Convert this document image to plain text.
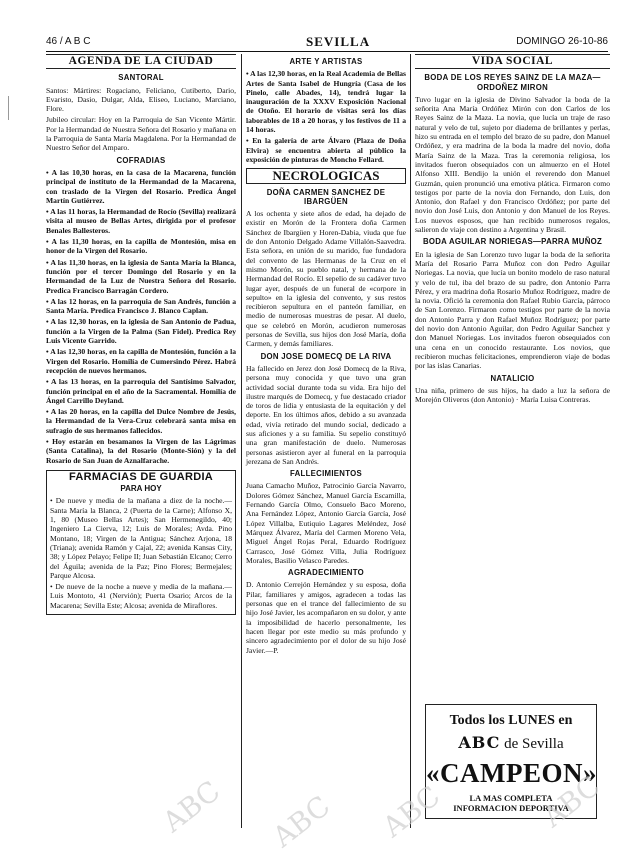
46 / A B C	SEVILLA	DOMINGO 26-10-86
AGENDA DE LA CIUDAD
SANTORAL

Santos: Mártires: Rogaciano, Feliciano, Cutiberto, Dario, Evaristo, Dasio, Dulgar, Alda, Eliseo, Luciano, Marciano, Flore.

Jubileo circular: Hoy en la Parroquia de San Vicente Mártir. Por la Hermandad de Nuestra Señora del Rosario y mañana en la Parroquia de Santa María Magdalena. Por la Hermandad de Nuestro Señor del Amparo.

COFRADIAS

• A las 10,30 horas, en la casa de la Macarena, función principal de instituto de la Hermandad de la Macarena, con traslado de la Virgen del Rosario. Predica Ángel Martín Gutiérrez.

• A las 11 horas, la Hermandad de Rocío (Sevilla) realizará visita al museo de Bellas Artes, dirigida por el profesor Benales Ballesteros.

• A las 11,30 horas, en la capilla de Montesión, misa en honor de la Virgen del Rosario.

• A las 11,30 horas, en la iglesia de Santa María la Blanca, función por el tercer Domingo del Rosario y en la Hermandad de la Luz de Nuestra Señora del Rosario. Predica Francisco Barragán Cordero.

• A las 12 horas, en la parroquia de San Andrés, función a Santa María. Predica Francisco J. Blanco Caplan.

• A las 12,30 horas, en la iglesia de San Antonio de Padua, función a la Virgen de la Palma (San Fidel). Predica Rey Luis Vicente Garrido.

• A las 12,30 horas, en la capilla de Montesión, función a la Virgen del Rosario. Homilía de Cumersindo Pérez. Habrá recepción de nuevos hermanos.

• A las 13 horas, en la parroquia del Santísimo Salvador, función principal en el año de la Sacramental. Homilía de Ángel Carrillo Deyland.

• A las 20 horas, en la capilla del Dulce Nombre de Jesús, la Hermandad de la Vera-Cruz celebrará santa misa en sufragio de sus hermanos fallecidos.

• Hoy estarán en besamanos la Virgen de las Lágrimas (Santa Catalina), la del Rosario (Monte-Sión) y la del Rosario de San Juan de Aznalfarache.

FARMACIAS DE GUARDIA
PARA HOY

• De nueve y media de la mañana a diez de la noche.—Santa María la Blanca, 2 (Puerta de la Carne); Alfonso X, 1, 80 (Museo Bellas Artes); San Hermenegildo, 40; Ingeniero La Cierva, 12; Luis de Morales; Avda. Pino Montano, 18; Virgen de la Antigua; Sánchez Arjona, 18 (Triana); avenida Ramón y Cajal, 22; avenida Kansas City, 38; y López Pelayo; Felipe II; Juan Sebastián Elcano; Cerro del Águila; avenida de la Paz; Pino Flores; Bermejales; Parque Alcosa.

• De nueve de la noche a nueve y media de la mañana.—Luis Montoto, 41 (Nervión); Puerta Osario; Arcos de la Macarena; Sevilla Este; Alcosa; avenida de Miraflores.

ARTE Y ARTISTAS

• A las 12,30 horas, en la Real Academia de Bellas Artes de Santa Isabel de Hungría (Casa de los Pinelo, calle Abades, 14), tendrá lugar la inauguración de la XXXV Exposición Nacional de Otoño. El horario de visitas será los días laborables de 18 a 20 horas, y los festivos de 11 a 14 horas.

• En la galería de arte Álvaro (Plaza de Doña Elvira) se encuentra abierta al público la exposición de pinturas de Moncho Fellard.

NECROLOGICAS
DOÑA CARMEN SANCHEZ DE IBARGÜEN

A los ochenta y siete años de edad, ha dejado de existir en Morón de la Frontera doña Carmen Sánchez de Ibargüen y Horen-Dabia, viuda que fue de don Antonio Delgado Adame Villalón-Saavedra. Esta señora, en unión de su marido, fue fundadora del convento de las Hermanas de la Cruz en el mismo Morón, su pueblo natal, y hermana de la Hermandad del Rocío. El sepelio de su cadáver tuvo lugar ayer, después de un funeral de «corpore in sepulto» en la iglesia del convento, y sus restos recibieron sepultura en el panteón familiar, en medio de numerosas muestras de pesar. Al duelo, que se celebró en Morón, acudieron numerosas personas de Sevilla, sus hijos don José María, doña Carmen, y demás familiares.

DON JOSE DOMECQ DE LA RIVA

Ha fallecido en Jerez don José Domecq de la Riva, persona muy conocida y que tuvo una gran actividad social durante toda su vida. Era hijo del ilustre marqués de Domecq, y fue destacado criador de toros de lidia y entusiasta de la equitación y del deporte. En los últimos años, debido a su avanzada edad, vivía retirado del mundo social, dedicado a sus aficiones y a su familia. Su sepelio constituyó una gran manifestación de duelo. Numerosas personas asistieron ayer al funeral en la parroquia jerezana de San Andrés.

FALLECIMIENTOS

Juana Camacho Muñoz, Patrocinio García Navarro, Dolores Gómez Sánchez, Manuel García Escamilla, Fernando García Olmo, Consuelo Baco Moreno, Ana Fernández López, Antonio García García, José López Villalba, Eutiquio Lagares Meléndez, José Márquez Álvarez, María del Carmen Moreno Vela, Miguel Ángel Rojas Peral, Eduardo Rodríguez Carrasco, José Gómez Villa, Julia Rodríguez Morales, Basilio Velasco Paredes.

AGRADECIMIENTO

D. Antonio Cerrejón Hernández y su esposa, doña Pilar, familiares y amigos, agradecen a todas las personas que en el trance del fallecimiento de su hijo José Javier, les acompañaron en su dolor, y ante la imposibilidad de hacerlo personalmente, les hacen llegar por este medio su más profundo y sincero agradecimiento por el dolor de su hijo José Javier.—P.

VIDA SOCIAL
BODA DE LOS REYES SAINZ DE LA MAZA—ORDOÑEZ MIRON

Tuvo lugar en la iglesia de Divino Salvador la boda de la señorita Ana María Ordóñez Mirón con don Carlos de los Reyes Sainz de la Maza. La novia, que lucía un traje de raso natural y velo de tul, sujeto por diadema de brillantes y perlas, hizo su entrada en el templo del brazo de su padre, don Manuel Ordóñez, y era madrina de la boda la madre del novio, doña María Sainz de la Maza. Tras la ceremonia religiosa, los invitados fueron obsequiados con un almuerzo en el Hotel Alfonso XIII. Bendijo la unión el reverendo don Manuel Guzmán, quien pronunció una emotiva plática. Firmaron como testigos por parte de la novia don Fernando, don Luis, don Antonio, don Rafael y don Francisco Ordóñez; por parte del novio don José Luis, don Antonio y don Manuel de los Reyes. Los nuevos esposos, que han recibido numerosos regalos, salieron de viaje con destino a Argentina y Brasil.

BODA AGUILAR NORIEGAS—PARRA MUÑOZ

En la iglesia de San Lorenzo tuvo lugar la boda de la señorita María del Rosario Parra Muñoz con don Pedro Aguilar Noriegas. La novia, que lucía un bonito modelo de raso natural y velo de tul, iba del brazo de su padre, don Antonio Parra Pérez, y era madrina doña Rosario Muñoz Rodríguez, madre de la novia. Ofició la ceremonia don Rafael Rubio García, párroco de San Lorenzo. Firmaron como testigos por parte de la novia don Antonio Parra y don Rafael Muñoz Rodríguez; por parte del novio don Antonio Aguilar, don Pedro Aguilar Sanchez y don Manuel Noriegas. Los invitados fueron obsequiados con una cena en un conocido restaurante. Los novios, que recibieron muchas felicitaciones, emprendieron viaje de bodas por las islas Canarias.

NATALICIO

Una niña, primero de sus hijos, ha dado a luz la señora de Morejón Oliveros (don Antonio) · María Luisa Contreras.

Todos los LUNES en
ABC de Sevilla
«CAMPEON»
LA MAS COMPLETA
INFORMACION DEPORTIVA
ABC ABC ABC	ABC
